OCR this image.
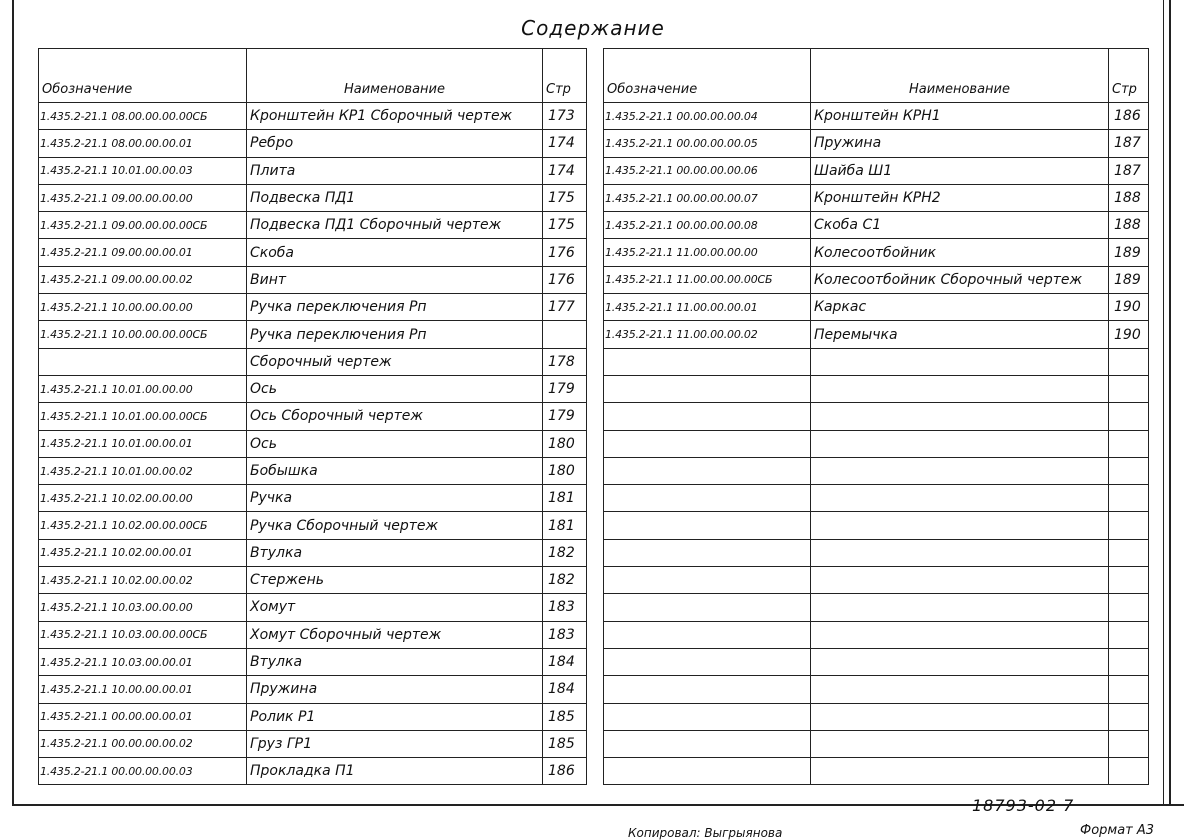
Содержание
Обозначение	Наименование	Стр
1.435.2-21.1 08.00.00.00.00СБ	Кронштейн КР1 Сборочный чертеж	173
1.435.2-21.1 08.00.00.00.01	Ребро	174
1.435.2-21.1 10.01.00.00.03	Плита	174
1.435.2-21.1 09.00.00.00.00	Подвеска ПД1	175
1.435.2-21.1 09.00.00.00.00СБ	Подвеска ПД1 Сборочный чертеж	175
1.435.2-21.1 09.00.00.00.01	Скоба	176
1.435.2-21.1 09.00.00.00.02	Винт	176
1.435.2-21.1 10.00.00.00.00	Ручка переключения Рп	177
1.435.2-21.1 10.00.00.00.00СБ	Ручка переключения Рп	
	Сборочный чертеж	178
1.435.2-21.1 10.01.00.00.00	Ось	179
1.435.2-21.1 10.01.00.00.00СБ	Ось Сборочный чертеж	179
1.435.2-21.1 10.01.00.00.01	Ось	180
1.435.2-21.1 10.01.00.00.02	Бобышка	180
1.435.2-21.1 10.02.00.00.00	Ручка	181
1.435.2-21.1 10.02.00.00.00СБ	Ручка Сборочный чертеж	181
1.435.2-21.1 10.02.00.00.01	Втулка	182
1.435.2-21.1 10.02.00.00.02	Стержень	182
1.435.2-21.1 10.03.00.00.00	Хомут	183
1.435.2-21.1 10.03.00.00.00СБ	Хомут Сборочный чертеж	183
1.435.2-21.1 10.03.00.00.01	Втулка	184
1.435.2-21.1 10.00.00.00.01	Пружина	184
1.435.2-21.1 00.00.00.00.01	Ролик Р1	185
1.435.2-21.1 00.00.00.00.02	Груз ГР1	185
1.435.2-21.1 00.00.00.00.03	Прокладка П1	186
Обозначение	Наименование	Стр
1.435.2-21.1 00.00.00.00.04	Кронштейн КРН1	186
1.435.2-21.1 00.00.00.00.05	Пружина	187
1.435.2-21.1 00.00.00.00.06	Шайба Ш1	187
1.435.2-21.1 00.00.00.00.07	Кронштейн КРН2	188
1.435.2-21.1 00.00.00.00.08	Скоба С1	188
1.435.2-21.1 11.00.00.00.00	Колесоотбойник	189
1.435.2-21.1 11.00.00.00.00СБ	Колесоотбойник Сборочный чертеж	189
1.435.2-21.1 11.00.00.00.01	Каркас	190
1.435.2-21.1 11.00.00.00.02	Перемычка	190

18793-02 7
Копировал: Выгрыянова	Формат А3
